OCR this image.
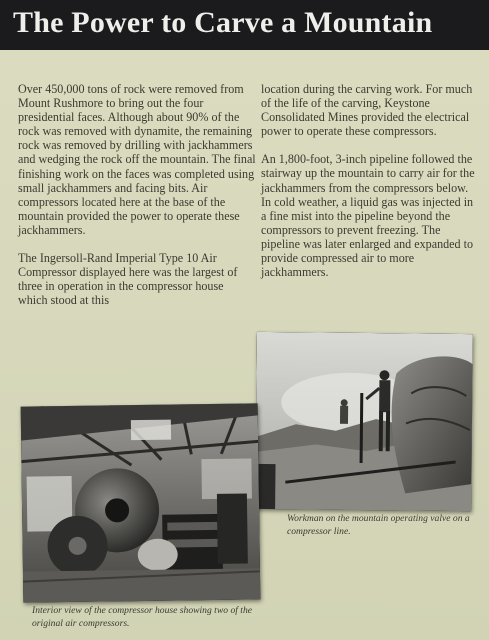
The Power to Carve a Mountain

Over 450,000 tons of rock were removed from Mount Rushmore to bring out the four presidential faces. Although about 90% of the rock was removed with dynamite, the remaining rock was removed by drilling with jackhammers and wedging the rock off the mountain. The final finishing work on the faces was completed using small jackhammers and facing bits. Air compressors located here at the base of the mountain provided the power to operate these jackhammers.

The Ingersoll-Rand Imperial Type 10 Air Compressor displayed here was the largest of three in operation in the compressor house which stood at this

location during the carving work. For much of the life of the carving, Keystone Consolidated Mines provided the electrical power to operate these compressors.

An 1,800-foot, 3-inch pipeline followed the stairway up the mountain to carry air for the jackhammers from the compressors below. In cold weather, a liquid gas was injected in a fine mist into the pipeline beyond the compressors to prevent freezing. The pipeline was later enlarged and expanded to provide compressed air to more jackhammers.

Workman on the mountain operating valve on a compressor line.
Interior view of the compressor house showing two of the original air compressors.
